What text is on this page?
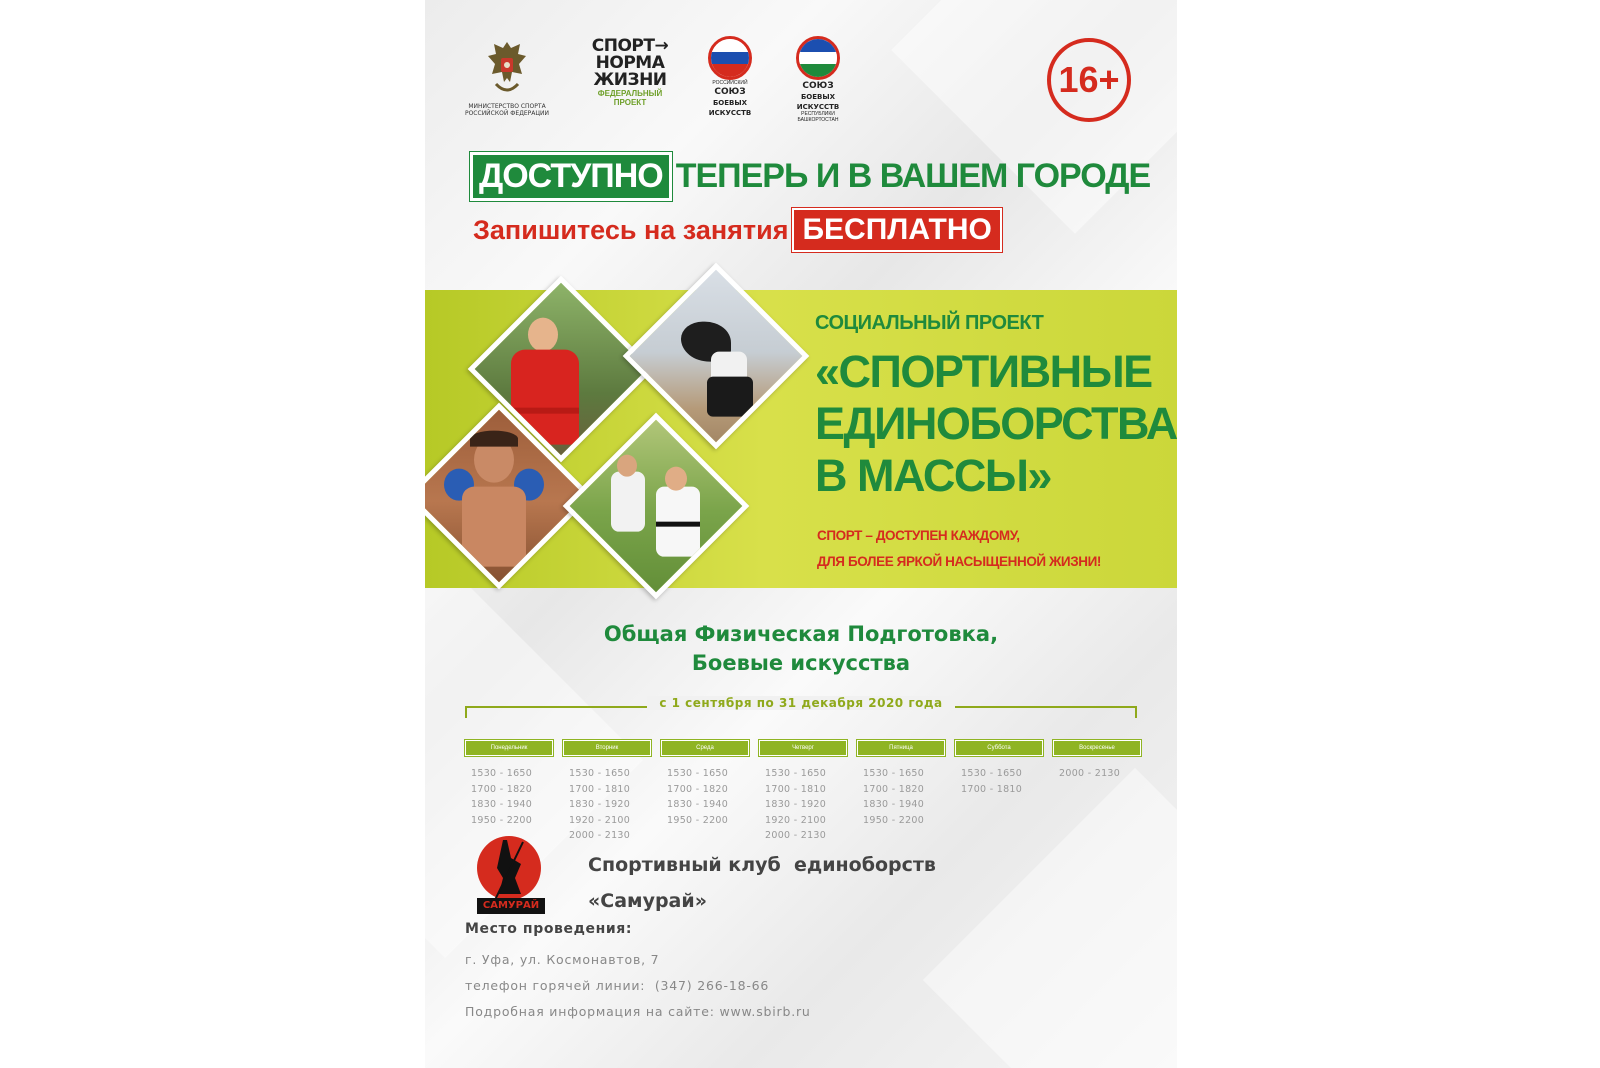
МИНИСТЕРСТВО СПОРТА РОССИЙСКОЙ ФЕДЕРАЦИИ
СПОРТ→
НОРМА
ЖИЗНИ
ФЕДЕРАЛЬНЫЙ
ПРОЕКТ
РОССИЙСКИЙ
СОЮЗ
БОЕВЫХ
ИСКУССТВ
СОЮЗ
БОЕВЫХ
ИСКУССТВ
РЕСПУБЛИКИ БАШКОРТОСТАН
16+
ДОСТУПНО ТЕПЕРЬ И В ВАШЕМ ГОРОДЕ
Запишитесь на занятия БЕСПЛАТНО
СОЦИАЛЬНЫЙ ПРОЕКТ
«СПОРТИВНЫЕ
ЕДИНОБОРСТВА
В МАССЫ»
СПОРТ – ДОСТУПЕН КАЖДОМУ,
ДЛЯ БОЛЕЕ ЯРКОЙ НАСЫЩЕННОЙ ЖИЗНИ!
Общая Физическая Подготовка,
Боевые искусства
с 1 сентября по 31 декабря 2020 года
Понедельник
1530 - 1650
1700 - 1820
1830 - 1940
1950 - 2200
Вторник
1530 - 1650
1700 - 1810
1830 - 1920
1920 - 2100
2000 - 2130
Среда
1530 - 1650
1700 - 1820
1830 - 1940
1950 - 2200
Четверг
1530 - 1650
1700 - 1810
1830 - 1920
1920 - 2100
2000 - 2130
Пятница
1530 - 1650
1700 - 1820
1830 - 1940
1950 - 2200
Суббота
1530 - 1650
1700 - 1810
Воскресенье
2000 - 2130
САМУРАЙ
Спортивный клуб  единоборств
«Самурай»
Место проведения:
г. Уфа, ул. Космонавтов, 7
телефон горячей линии:  (347) 266-18-66
Подробная информация на сайте: www.sbirb.ru
